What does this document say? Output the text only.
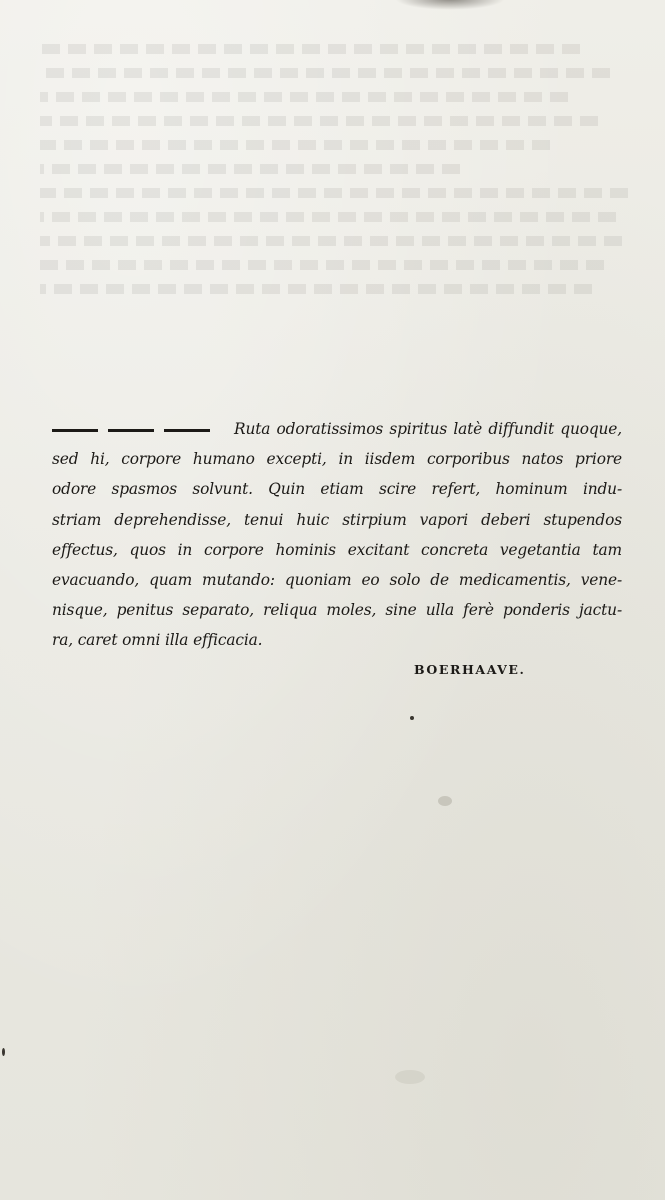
Ruta odoratissimos spiritus latè diffundit quoque,
sed hi, corpore humano excepti, in iisdem corporibus natos priore
odore spasmos solvunt. Quin etiam scire refert, hominum indu-
striam deprehendisse, tenui huic stirpium vapori deberi stupendos
effectus, quos in corpore hominis excitant concreta vegetantia tam
evacuando, quam mutando: quoniam eo solo de medicamentis, vene-
nisque, penitus separato, reliqua moles, sine ulla ferè ponderis jactu-
ra, caret omni illa efficacia.
BOERHAAVE.
